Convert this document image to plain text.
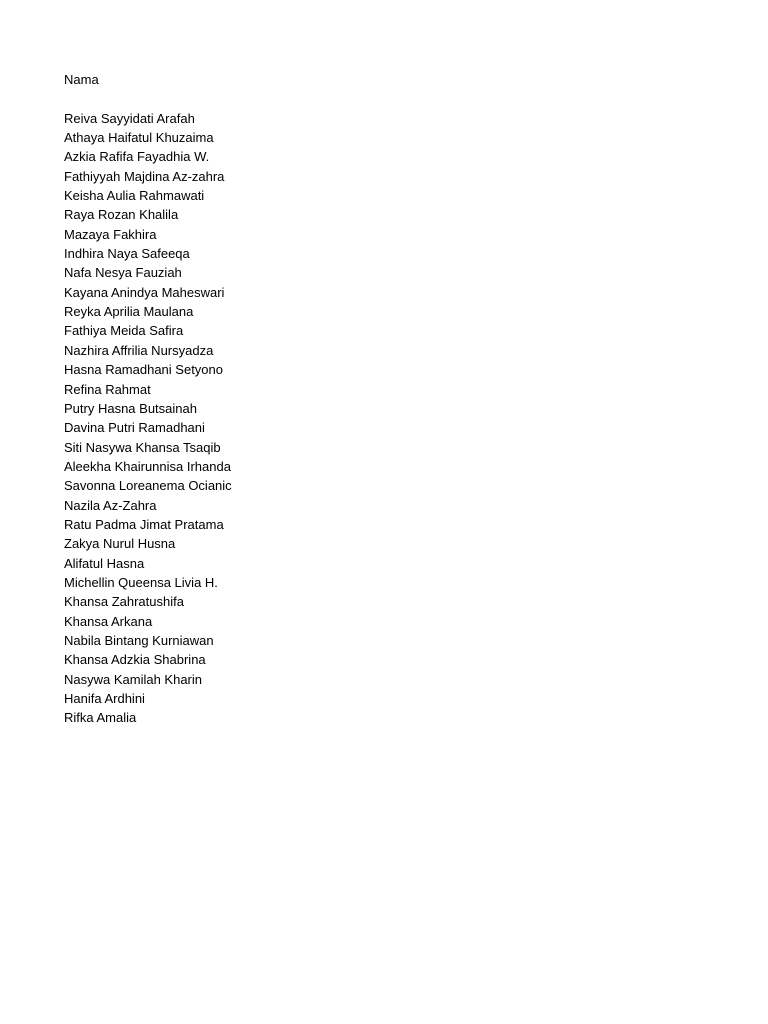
Nama
Reiva Sayyidati Arafah
Athaya Haifatul Khuzaima
Azkia Rafifa Fayadhia W.
Fathiyyah Majdina Az-zahra
Keisha Aulia Rahmawati
Raya Rozan Khalila
Mazaya Fakhira
Indhira Naya Safeeqa
Nafa Nesya Fauziah
Kayana Anindya Maheswari
Reyka Aprilia Maulana
Fathiya Meida Safira
Nazhira Affrilia Nursyadza
Hasna Ramadhani Setyono
Refina Rahmat
Putry Hasna Butsainah
Davina Putri Ramadhani
Siti Nasywa Khansa Tsaqib
Aleekha Khairunnisa Irhanda
Savonna Loreanema Ocianic
Nazila Az-Zahra
Ratu Padma Jimat Pratama
Zakya Nurul Husna
Alifatul Hasna
Michellin Queensa Livia H.
Khansa Zahratushifa
Khansa Arkana
Nabila Bintang Kurniawan
Khansa Adzkia Shabrina
Nasywa Kamilah Kharin
Hanifa Ardhini
Rifka Amalia
